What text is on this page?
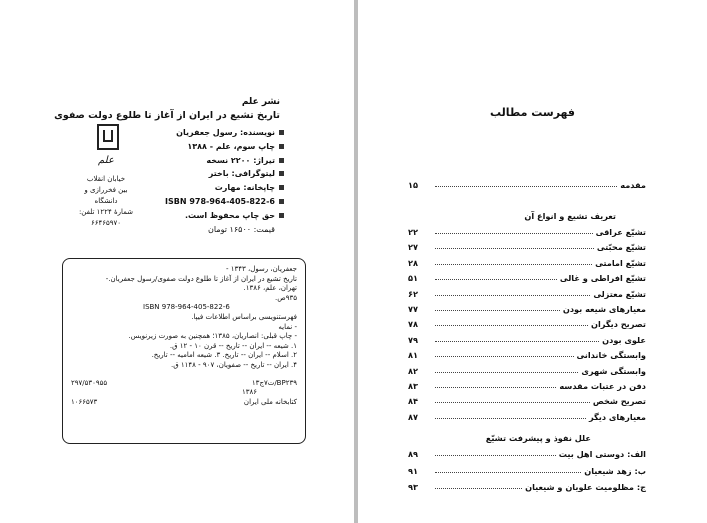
نشر علم
تاریخ تشیع در ایران از آغاز تا طلوع دولت صفوی
نویسنده: رسول جعفریان
چاپ سوم، علم - ۱۳۸۸
تیراژ: ۲۲۰۰ نسخه
لیتوگرافی: باختر
چاپخانه: مهارت
ISBN 978-964-405-822-6
حق چاپ محفوظ است.
قیمت: ۱۶۵۰۰ تومان
علم
خیابان انقلاب
بین فخررازی و دانشگاه
شمارهٔ ۱۲۲۴ تلفن: ۶۶۴۶۵۹۷۰
جعفریان، رسول، ۱۳۴۳ -
تاریخ تشیع در ایران از آغاز تا طلوع دولت صفوی/رسول جعفریان.-
تهران، علم، ۱۳۸۶.
۹۳۵ص.
ISBN 978-964-405-822-6
فهرستنویسی براساس اطلاعات فیپا.
- نمایه
- چاپ قبلی: انصاریان، ۱۳۸۵؛ همچنین به صورت زیرنویس.
۱. شیعه -- ایران -- تاریخ -- قرن ۱۰ - ۱۲ ق.
۲. اسلام -- ایران -- تاریخ. ۳. شیعه امامیه -- تاریخ.
۴. ایران -- تاریخ -- صفویان، ۹۰۷ - ۱۱۴۸ ق.
۲۹۷/۵۳۰۹۵۵	۱۳ت۷ج/BP۲۳۹
۱۳۸۶
۱۰۶۶۵۷۳	کتابخانه ملی ایران
فهرست مطالب
۱۵	مقدمه
تعریف تشیع و انواع آن
۲۲	تشیّع عراقی
۲۷	تشیّع محبّتی
۲۸	تشیّع امامتی
۵۱	تشیّع افراطی و غالی
۶۲	تشیّع معتزلی
۷۷	معیارهای شیعه بودن
۷۸	تصریح دیگران
۷۹	علوی بودن
۸۱	وابستگی خاندانی
۸۲	وابستگی شهری
۸۳	دفن در عتبات مقدسه
۸۴	تصریح شخص
۸۷	معیارهای دیگر
علل نفوذ و پیشرفت تشیّع
۸۹	الف: دوستی اهل بیت
۹۱	ب: زهد شیعیان
۹۳	ج: مظلومیت علویان و شیعیان
